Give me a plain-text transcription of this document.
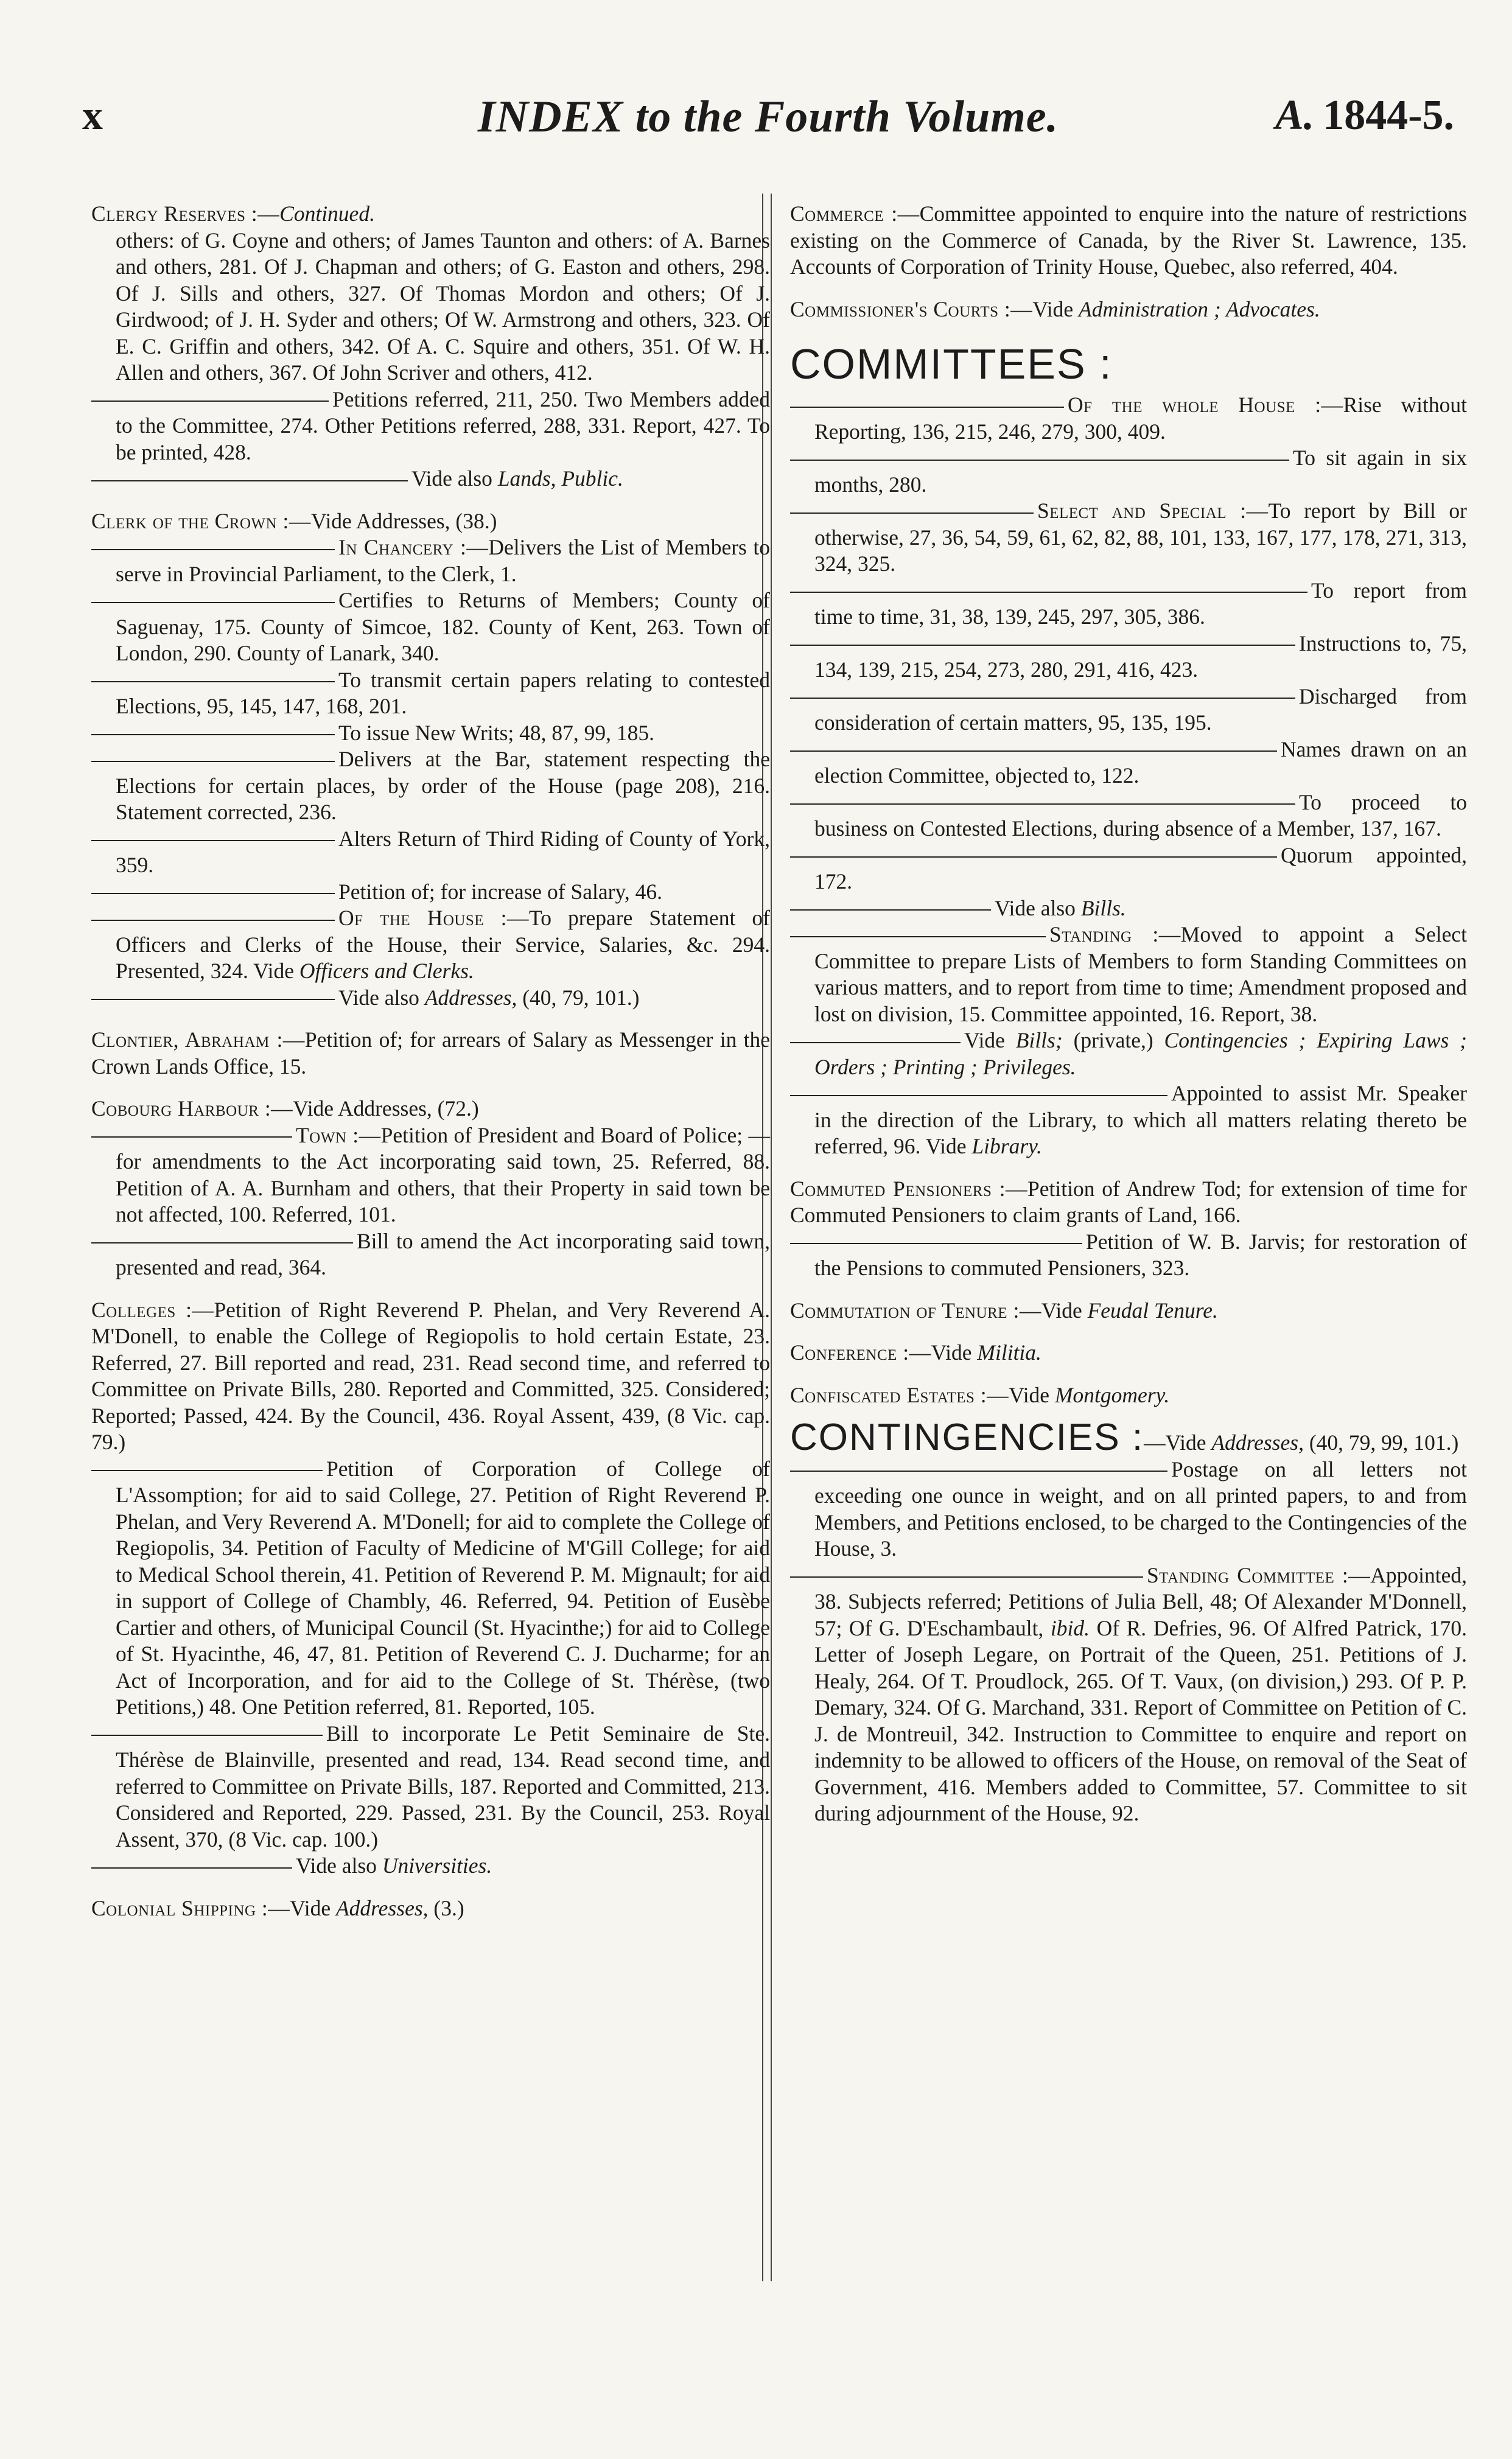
x	INDEX to the Fourth Volume.	A. 1844-5.

Clergy Reserves :—Continued.

others: of G. Coyne and others; of James Taunton and others: of A. Barnes and others, 281. Of J. Chapman and others; of G. Easton and others, 298. Of J. Sills and others, 327. Of Thomas Mordon and others; Of J. Girdwood; of J. H. Syder and others; Of W. Armstrong and others, 323. Of E. C. Griffin and others, 342. Of A. C. Squire and others, 351. Of W. H. Allen and others, 367. Of John Scriver and others, 412.

Petitions referred, 211, 250. Two Members added to the Committee, 274. Other Petitions referred, 288, 331. Report, 427. To be printed, 428.

Vide also Lands, Public.

Clerk of the Crown :—Vide Addresses, (38.)

In Chancery :—Delivers the List of Members to serve in Provincial Parliament, to the Clerk, 1.

Certifies to Returns of Members; County of Saguenay, 175. County of Simcoe, 182. County of Kent, 263. Town of London, 290. County of Lanark, 340.

To transmit certain papers relating to contested Elections, 95, 145, 147, 168, 201.

To issue New Writs; 48, 87, 99, 185.

Delivers at the Bar, statement respecting the Elections for certain places, by order of the House (page 208), 216. Statement corrected, 236.

Alters Return of Third Riding of County of York, 359.

Petition of; for increase of Salary, 46.

Of the House :—To prepare Statement of Officers and Clerks of the House, their Service, Salaries, &c. 294. Presented, 324. Vide Officers and Clerks.

Vide also Addresses, (40, 79, 101.)

Clontier, Abraham :—Petition of; for arrears of Salary as Messenger in the Crown Lands Office, 15.

Cobourg Harbour :—Vide Addresses, (72.)

Town :—Petition of President and Board of Police; —for amendments to the Act incorporating said town, 25. Referred, 88. Petition of A. A. Burnham and others, that their Property in said town be not affected, 100. Referred, 101.

Bill to amend the Act incorporating said town, presented and read, 364.

Colleges :—Petition of Right Reverend P. Phelan, and Very Reverend A. M'Donell, to enable the College of Regiopolis to hold certain Estate, 23. Referred, 27. Bill reported and read, 231. Read second time, and referred to Committee on Private Bills, 280. Reported and Committed, 325. Considered; Reported; Passed, 424. By the Council, 436. Royal Assent, 439, (8 Vic. cap. 79.)

Petition of Corporation of College of L'Assomption; for aid to said College, 27. Petition of Right Reverend P. Phelan, and Very Reverend A. M'Donell; for aid to complete the College of Regiopolis, 34. Petition of Faculty of Medicine of M'Gill College; for aid to Medical School therein, 41. Petition of Reverend P. M. Mignault; for aid in support of College of Chambly, 46. Referred, 94. Petition of Eusèbe Cartier and others, of Municipal Council (St. Hyacinthe;) for aid to College of St. Hyacinthe, 46, 47, 81. Petition of Reverend C. J. Ducharme; for an Act of Incorporation, and for aid to the College of St. Thérèse, (two Petitions,) 48. One Petition referred, 81. Reported, 105.

Bill to incorporate Le Petit Seminaire de Ste. Thérèse de Blainville, presented and read, 134. Read second time, and referred to Committee on Private Bills, 187. Reported and Committed, 213. Considered and Reported, 229. Passed, 231. By the Council, 253. Royal Assent, 370, (8 Vic. cap. 100.)

Vide also Universities.

Colonial Shipping :—Vide Addresses, (3.)

Commerce :—Committee appointed to enquire into the nature of restrictions existing on the Commerce of Canada, by the River St. Lawrence, 135. Accounts of Corporation of Trinity House, Quebec, also referred, 404.

Commissioner's Courts :—Vide Administration ; Advocates.

COMMITTEES :

Of the whole House :—Rise without Reporting, 136, 215, 246, 279, 300, 409.

To sit again in six months, 280.

Select and Special :—To report by Bill or otherwise, 27, 36, 54, 59, 61, 62, 82, 88, 101, 133, 167, 177, 178, 271, 313, 324, 325.

To report from time to time, 31, 38, 139, 245, 297, 305, 386.

Instructions to, 75, 134, 139, 215, 254, 273, 280, 291, 416, 423.

Discharged from consideration of certain matters, 95, 135, 195.

Names drawn on an election Committee, objected to, 122.

To proceed to business on Contested Elections, during absence of a Member, 137, 167.

Quorum appointed, 172.

Vide also Bills.

Standing :—Moved to appoint a Select Committee to prepare Lists of Members to form Standing Committees on various matters, and to report from time to time; Amendment proposed and lost on division, 15. Committee appointed, 16. Report, 38.

Vide Bills; (private,) Contingencies ; Expiring Laws ; Orders ; Printing ; Privileges.

Appointed to assist Mr. Speaker in the direction of the Library, to which all matters relating thereto be referred, 96. Vide Library.

Commuted Pensioners :—Petition of Andrew Tod; for extension of time for Commuted Pensioners to claim grants of Land, 166.

Petition of W. B. Jarvis; for restoration of the Pensions to commuted Pensioners, 323.

Commutation of Tenure :—Vide Feudal Tenure.

Conference :—Vide Militia.

Confiscated Estates :—Vide Montgomery.

CONTINGENCIES :—Vide Addresses, (40, 79, 99, 101.)

Postage on all letters not exceeding one ounce in weight, and on all printed papers, to and from Members, and Petitions enclosed, to be charged to the Contingencies of the House, 3.

Standing Committee :—Appointed, 38. Subjects referred; Petitions of Julia Bell, 48; Of Alexander M'Donnell, 57; Of G. D'Eschambault, ibid. Of R. Defries, 96. Of Alfred Patrick, 170. Letter of Joseph Legare, on Portrait of the Queen, 251. Petitions of J. Healy, 264. Of T. Proudlock, 265. Of T. Vaux, (on division,) 293. Of P. P. Demary, 324. Of G. Marchand, 331. Report of Committee on Petition of C. J. de Montreuil, 342. Instruction to Committee to enquire and report on indemnity to be allowed to officers of the House, on removal of the Seat of Government, 416. Members added to Committee, 57. Committee to sit during adjournment of the House, 92.
